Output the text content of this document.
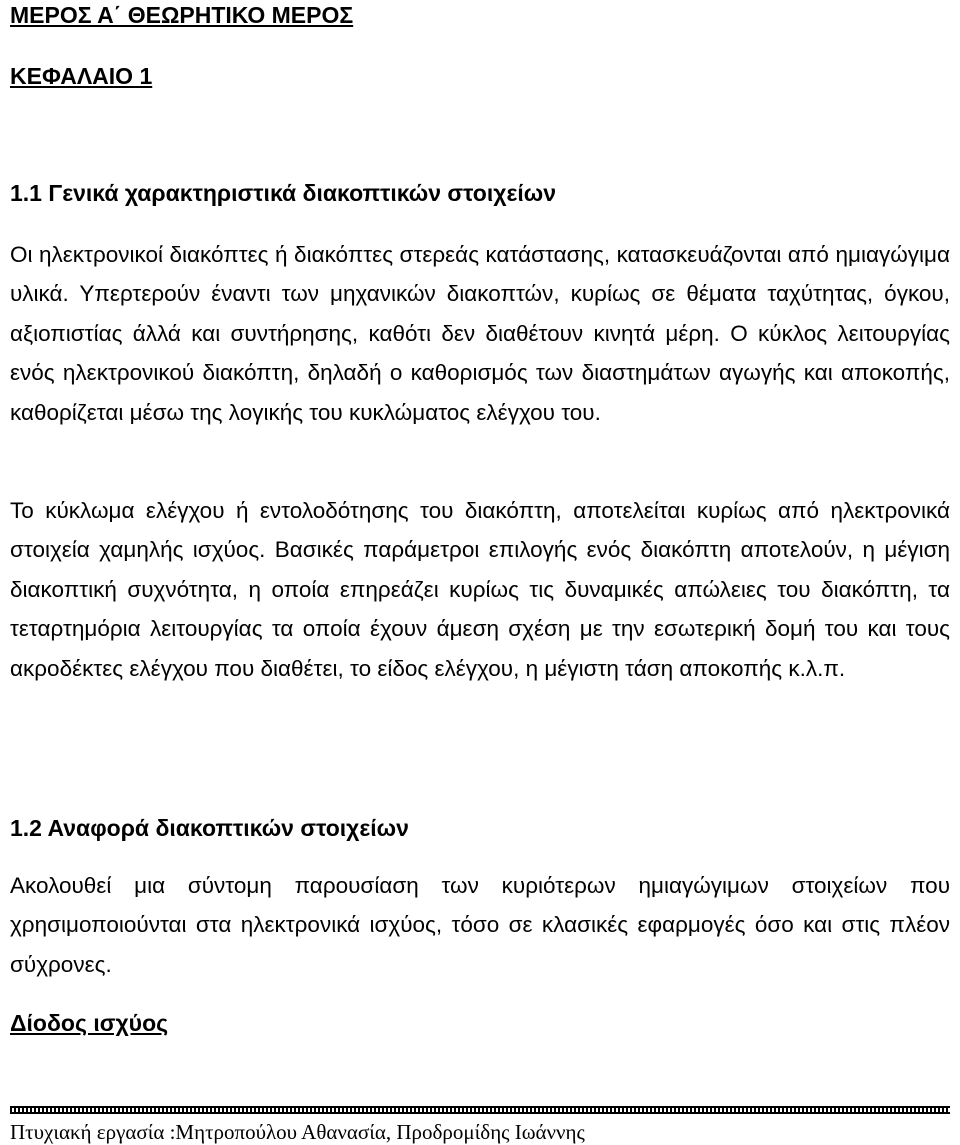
ΜΕΡΟΣ Α΄ ΘΕΩΡΗΤΙΚΟ ΜΕΡΟΣ
ΚΕΦΑΛΑΙΟ 1
1.1 Γενικά χαρακτηριστικά διακοπτικών στοιχείων

Οι ηλεκτρονικοί διακόπτες ή διακόπτες στερεάς κατάστασης, κατασκευάζονται από ημιαγώγιμα υλικά. Υπερτερούν έναντι των μηχανικών διακοπτών, κυρίως σε θέματα ταχύτητας, όγκου, αξιοπιστίας άλλά και συντήρησης, καθότι δεν διαθέτουν κινητά μέρη. Ο κύκλος λειτουργίας ενός ηλεκτρονικού διακόπτη, δηλαδή ο καθορισμός των διαστημάτων αγωγής και αποκοπής, καθορίζεται μέσω της λογικής του κυκλώματος ελέγχου του.

Το κύκλωμα ελέγχου ή εντολοδότησης του διακόπτη, αποτελείται κυρίως από ηλεκτρονικά στοιχεία χαμηλής ισχύος. Βασικές παράμετροι επιλογής ενός διακόπτη αποτελούν, η μέγιση διακοπτική συχνότητα, η οποία επηρεάζει κυρίως τις δυναμικές απώλειες του διακόπτη, τα τεταρτημόρια λειτουργίας τα οποία έχουν άμεση σχέση με την εσωτερική δομή του και τους ακροδέκτες ελέγχου που διαθέτει, το είδος ελέγχου, η μέγιστη τάση αποκοπής κ.λ.π.

1.2 Αναφορά διακοπτικών στοιχείων

Ακολουθεί μια σύντομη παρουσίαση των κυριότερων ημιαγώγιμων στοιχείων που χρησιμοποιούνται στα ηλεκτρονικά ισχύος, τόσο σε κλασικές εφαρμογές όσο και στις πλέον σύχρονες.

Δίοδος ισχύος
Πτυχιακή εργασία :Μητροπούλου Αθανασία, Προδρομίδης Ιωάννης
